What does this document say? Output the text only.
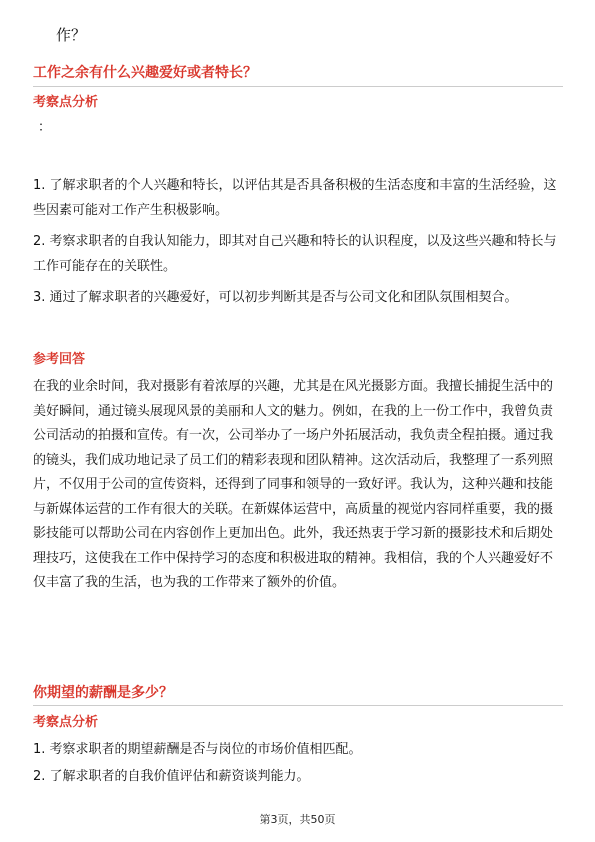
作？
工作之余有什么兴趣爱好或者特长？
考察点分析
：
1. 了解求职者的个人兴趣和特长，以评估其是否具备积极的生活态度和丰富的生活经验，这些因素可能对工作产生积极影响。
2. 考察求职者的自我认知能力，即其对自己兴趣和特长的认识程度，以及这些兴趣和特长与工作可能存在的关联性。
3. 通过了解求职者的兴趣爱好，可以初步判断其是否与公司文化和团队氛围相契合。
参考回答
在我的业余时间，我对摄影有着浓厚的兴趣，尤其是在风光摄影方面。我擅长捕捉生活中的美好瞬间，通过镜头展现风景的美丽和人文的魅力。例如，在我的上一份工作中，我曾负责公司活动的拍摄和宣传。有一次，公司举办了一场户外拓展活动，我负责全程拍摄。通过我的镜头，我们成功地记录了员工们的精彩表现和团队精神。这次活动后，我整理了一系列照片，不仅用于公司的宣传资料，还得到了同事和领导的一致好评。我认为，这种兴趣和技能与新媒体运营的工作有很大的关联。在新媒体运营中，高质量的视觉内容同样重要，我的摄影技能可以帮助公司在内容创作上更加出色。此外，我还热衷于学习新的摄影技术和后期处理技巧，这使我在工作中保持学习的态度和积极进取的精神。我相信，我的个人兴趣爱好不仅丰富了我的生活，也为我的工作带来了额外的价值。
你期望的薪酬是多少？
考察点分析
1. 考察求职者的期望薪酬是否与岗位的市场价值相匹配。
2. 了解求职者的自我价值评估和薪资谈判能力。
第3页，共50页
